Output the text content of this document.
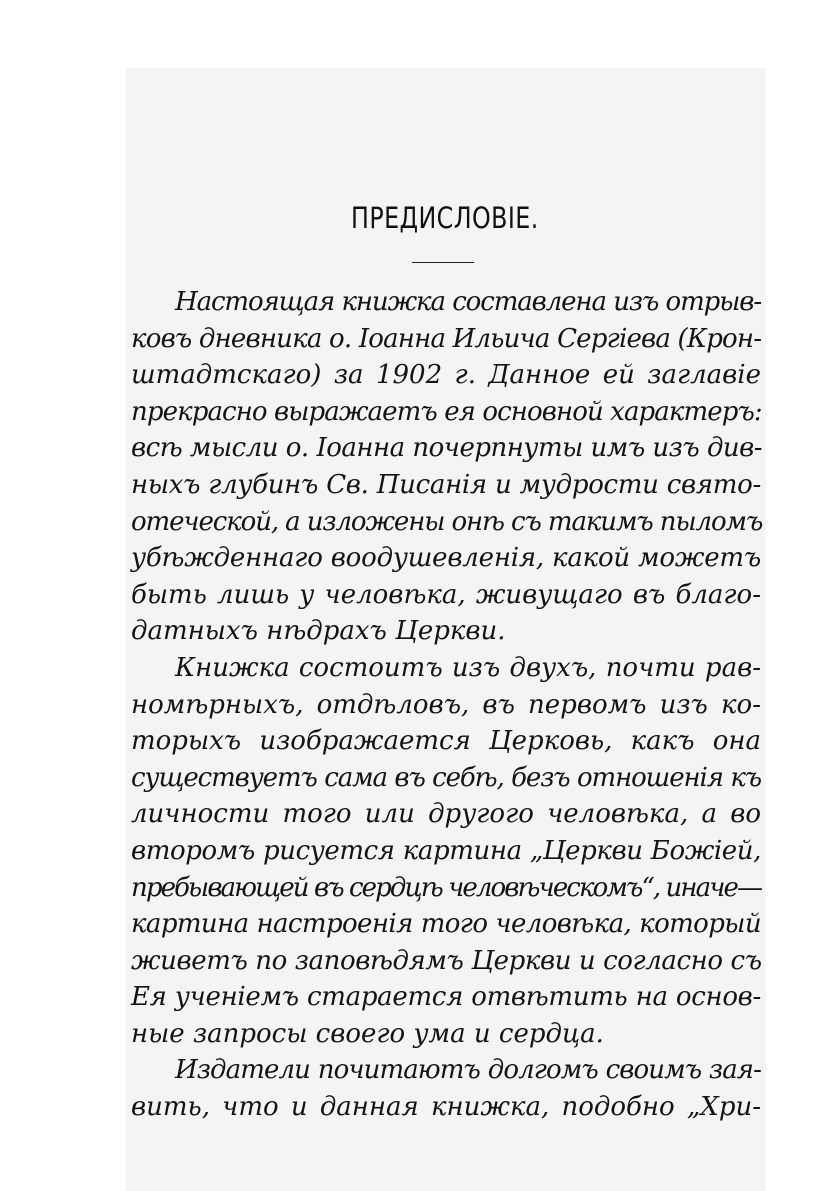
ПРЕДИСЛОВІЕ.
Настоящая книжка составлена изъ отрыв-
ковъ дневника о. Іоанна Ильича Сергіева (Крон-
штадтскаго) за 1902 г. Данное ей заглавіе
прекрасно выражаетъ ея основной характеръ:
всѣ мысли о. Іоанна почерпнуты имъ изъ див-
ныхъ глубинъ Св. Писанія и мудрости свято-
отеческой, а изложены онѣ съ такимъ пыломъ
убѣжденнаго воодушевленія, какой можетъ
быть лишь у человѣка, живущаго въ благо-
датныхъ нѣдрахъ Церкви.
Книжка состоитъ изъ двухъ, почти рав-
номѣрныхъ, отдѣловъ, въ первомъ изъ ко-
торыхъ изображается Церковь, какъ она
существуетъ сама въ себѣ, безъ отношенія къ
личности того или другого человѣка, а во
второмъ рисуется картина „Церкви Божіей,
пребывающей въ сердцѣ человѣческомъ“, иначе—
картина настроенія того человѣка, который
живетъ по заповѣдямъ Церкви и согласно съ
Ея ученіемъ старается отвѣтить на основ-
ные запросы своего ума и сердца.
Издатели почитаютъ долгомъ своимъ зая-
вить, что и данная книжка, подобно „Хри-
